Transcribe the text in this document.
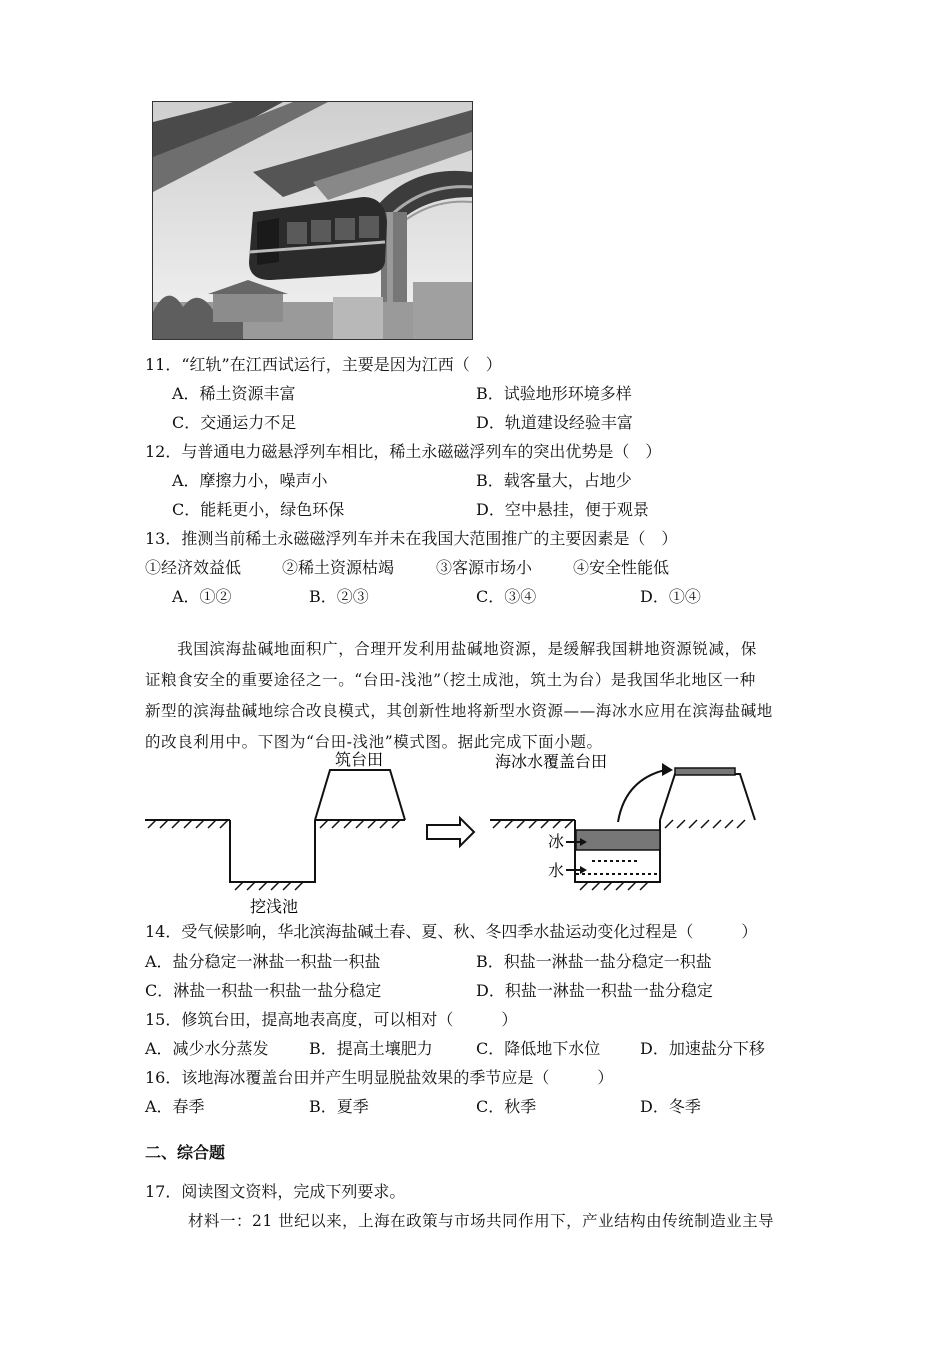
11．“红轨”在江西试运行，主要是因为江西（　）
A．稀土资源丰富	B．试验地形环境多样
C．交通运力不足	D．轨道建设经验丰富
12．与普通电力磁悬浮列车相比，稀土永磁磁浮列车的突出优势是（　）
A．摩擦力小，噪声小	B．载客量大，占地少
C．能耗更小，绿色环保	D．空中悬挂，便于观景
13．推测当前稀土永磁磁浮列车并未在我国大范围推广的主要因素是（　）
①经济效益低	②稀土资源枯竭	③客源市场小	④安全性能低
A．①②	B．②③	C．③④	D．①④
　　我国滨海盐碱地面积广，合理开发利用盐碱地资源，是缓解我国耕地资源锐减，保
证粮食安全的重要途径之一。“台田-浅池”（挖土成池，筑土为台）是我国华北地区一种
新型的滨海盐碱地综合改良模式，其创新性地将新型水资源——海冰水应用在滨海盐碱地
的改良利用中。下图为“台田-浅池”模式图。据此完成下面小题。
筑台田	海冰水覆盖台田
挖浅池
冰
水
14．受气候影响，华北滨海盐碱土春、夏、秋、冬四季水盐运动变化过程是（　　　）
A．盐分稳定一淋盐一积盐一积盐	B．积盐一淋盐一盐分稳定一积盐
C．淋盐一积盐一积盐一盐分稳定	D．积盐一淋盐一积盐一盐分稳定
15．修筑台田，提高地表高度，可以相对（　　　）
A．减少水分蒸发	B．提高土壤肥力	C．降低地下水位 D．加速盐分下移
16．该地海冰覆盖台田并产生明显脱盐效果的季节应是（　　　）
A．春季	B．夏季	C．秋季	D．冬季
二、综合题
17．阅读图文资料，完成下列要求。
材料一：21 世纪以来，上海在政策与市场共同作用下，产业结构由传统制造业主导
